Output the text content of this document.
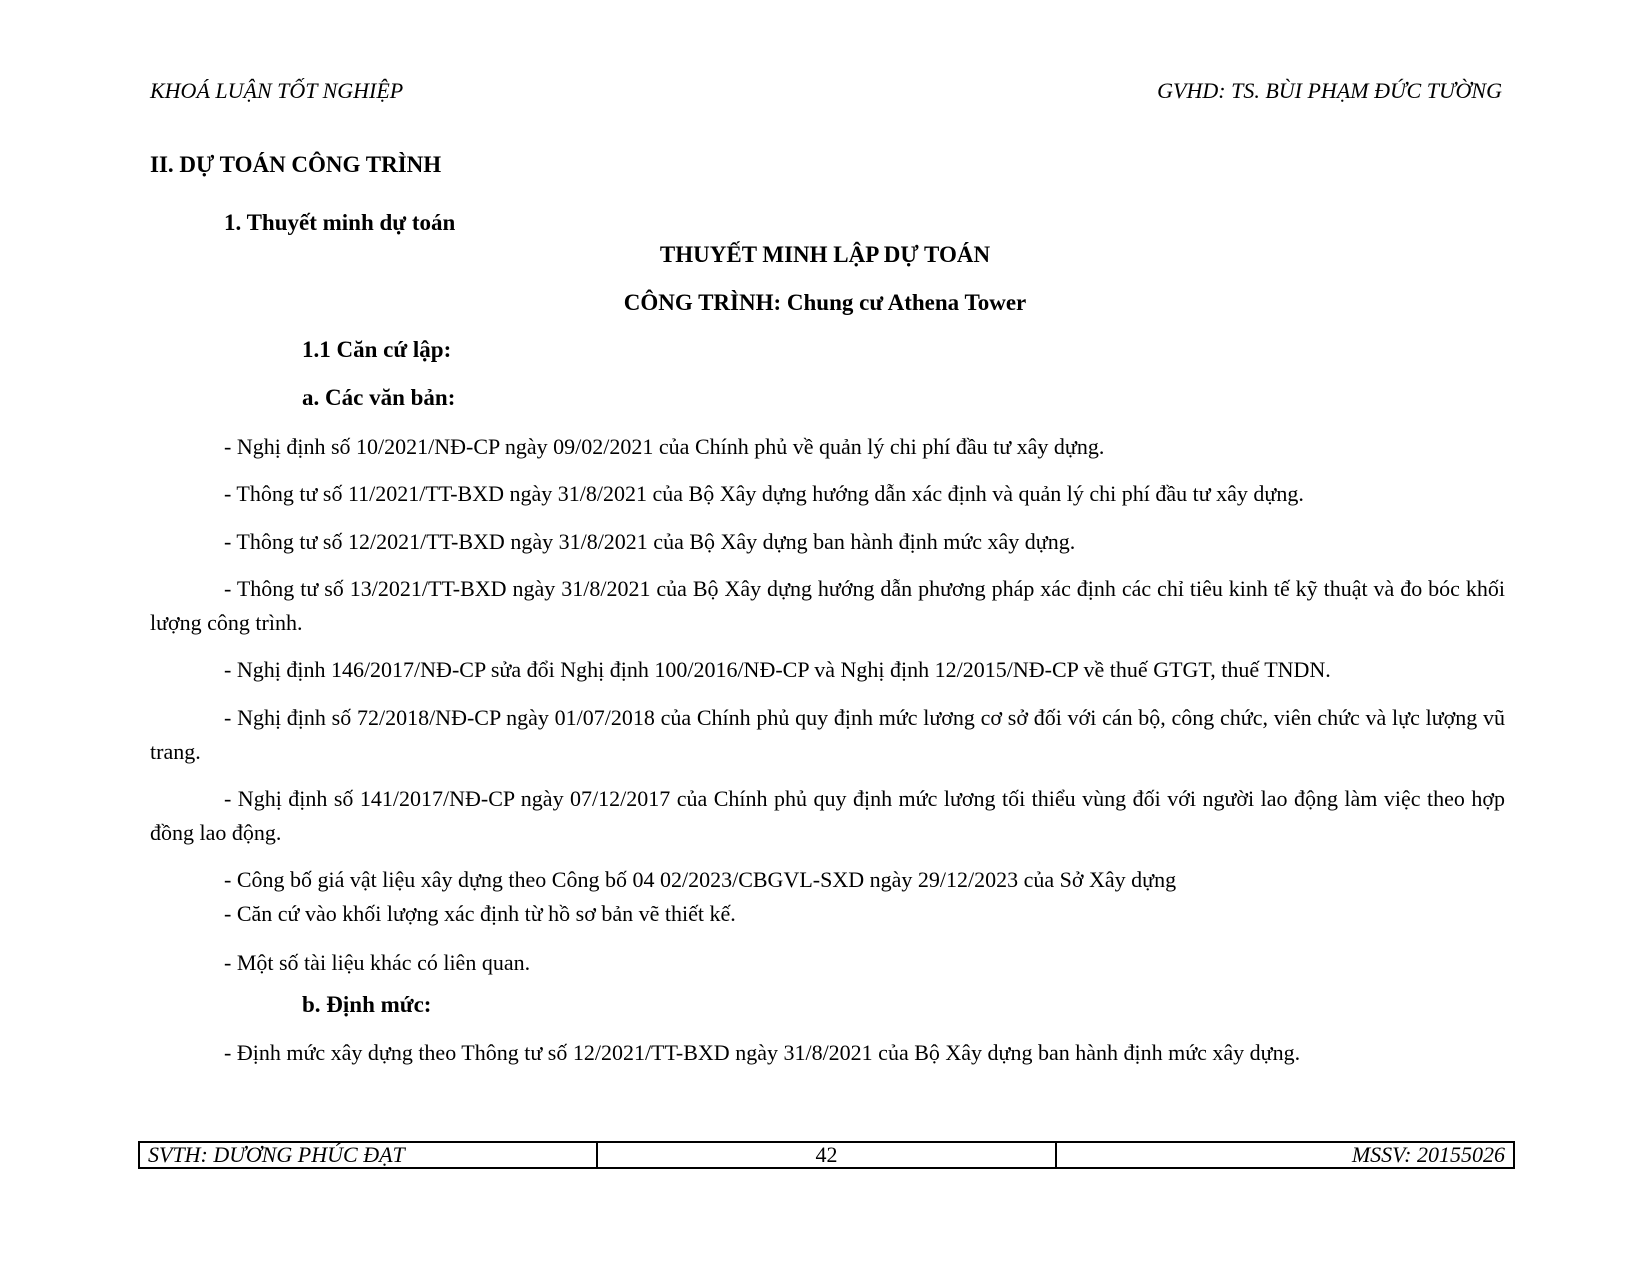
KHOÁ LUẬN TỐT NGHIỆP	GVHD: TS. BÙI PHẠM ĐỨC TƯỜNG
II. DỰ TOÁN CÔNG TRÌNH
1. Thuyết minh dự toán
THUYẾT MINH LẬP DỰ TOÁN
CÔNG TRÌNH: Chung cư Athena Tower
1.1 Căn cứ lập:
a. Các văn bản:
- Nghị định số 10/2021/NĐ-CP ngày 09/02/2021 của Chính phủ về quản lý chi phí đầu tư xây dựng.
- Thông tư số 11/2021/TT-BXD ngày 31/8/2021 của Bộ Xây dựng hướng dẫn xác định và quản lý chi phí đầu tư xây dựng.
- Thông tư số 12/2021/TT-BXD ngày 31/8/2021 của Bộ Xây dựng ban hành định mức xây dựng.
- Thông tư số 13/2021/TT-BXD ngày 31/8/2021 của Bộ Xây dựng hướng dẫn phương pháp xác định các chỉ tiêu kinh tế kỹ thuật và đo bóc khối lượng công trình.
- Nghị định 146/2017/NĐ-CP sửa đổi Nghị định 100/2016/NĐ-CP và Nghị định 12/2015/NĐ-CP về thuế GTGT, thuế TNDN.
- Nghị định số 72/2018/NĐ-CP ngày 01/07/2018 của Chính phủ quy định mức lương cơ sở đối với cán bộ, công chức, viên chức và lực lượng vũ trang.
- Nghị định số 141/2017/NĐ-CP ngày 07/12/2017 của Chính phủ quy định mức lương tối thiểu vùng đối với người lao động làm việc theo hợp đồng lao động.
- Công bố giá vật liệu xây dựng theo Công bố 04 02/2023/CBGVL-SXD ngày 29/12/2023 của Sở Xây dựng
- Căn cứ vào khối lượng xác định từ hồ sơ bản vẽ thiết kế.
- Một số tài liệu khác có liên quan.
b. Định mức:
- Định mức xây dựng theo Thông tư số 12/2021/TT-BXD ngày 31/8/2021 của Bộ Xây dựng ban hành định mức xây dựng.
SVTH: DƯƠNG PHÚC ĐẠT	42	MSSV: 20155026
